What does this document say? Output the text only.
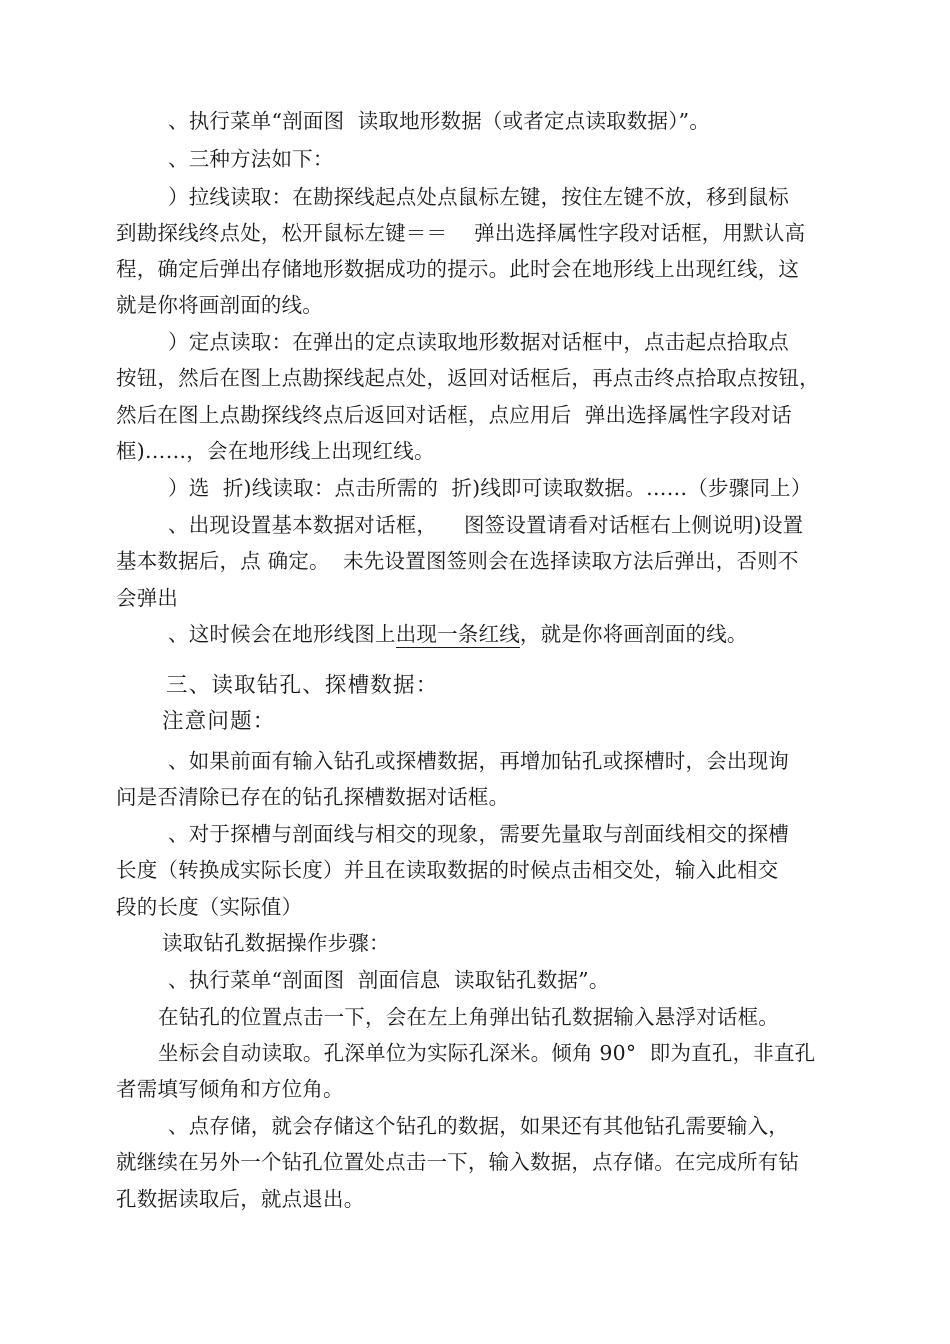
、执行菜单“剖面图  读取地形数据（或者定点读取数据）”。
、三种方法如下：
）拉线读取：在勘探线起点处点鼠标左键，按住左键不放，移到鼠标
到勘探线终点处，松开鼠标左键＝＝    弹出选择属性字段对话框，用默认高
程，确定后弹出存储地形数据成功的提示。此时会在地形线上出现红线，这
就是你将画剖面的线。
）定点读取：在弹出的定点读取地形数据对话框中，点击起点拾取点
按钮，然后在图上点勘探线起点处，返回对话框后，再点击终点拾取点按钮，
然后在图上点勘探线终点后返回对话框，点应用后  弹出选择属性字段对话
框)……，会在地形线上出现红线。
）选  折)线读取：点击所需的  折)线即可读取数据。……（步骤同上）
、出现设置基本数据对话框，    图签设置请看对话框右上侧说明)设置
基本数据后，点 确定。  未先设置图签则会在选择读取方法后弹出，否则不
会弹出
、这时候会在地形线图上出现一条红线，就是你将画剖面的线。
三、读取钻孔、探槽数据：
注意问题：
、如果前面有输入钻孔或探槽数据，再增加钻孔或探槽时，会出现询
问是否清除已存在的钻孔探槽数据对话框。
、对于探槽与剖面线与相交的现象，需要先量取与剖面线相交的探槽
长度（转换成实际长度）并且在读取数据的时候点击相交处，输入此相交
段的长度（实际值）
读取钻孔数据操作步骤：
、执行菜单“剖面图  剖面信息  读取钻孔数据”。
在钻孔的位置点击一下，会在左上角弹出钻孔数据输入悬浮对话框。
坐标会自动读取。孔深单位为实际孔深米。倾角 90°  即为直孔，非直孔
者需填写倾角和方位角。
、点存储，就会存储这个钻孔的数据，如果还有其他钻孔需要输入，
就继续在另外一个钻孔位置处点击一下，输入数据，点存储。在完成所有钻
孔数据读取后，就点退出。
